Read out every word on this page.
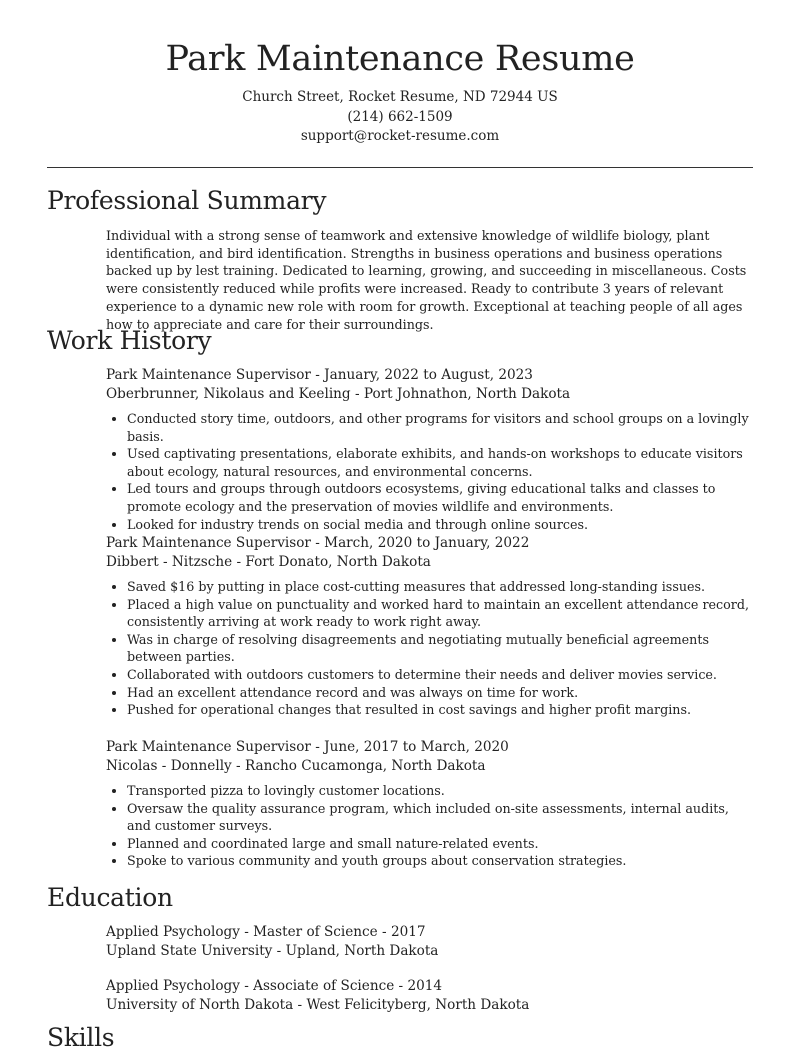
Park Maintenance Resume
Church Street, Rocket Resume, ND 72944 US
(214) 662-1509
support@rocket-resume.com
Professional Summary

Individual with a strong sense of teamwork and extensive knowledge of wildlife biology, plant identification, and bird identification. Strengths in business operations and business operations backed up by lest training. Dedicated to learning, growing, and succeeding in miscellaneous. Costs were consistently reduced while profits were increased. Ready to contribute 3 years of relevant experience to a dynamic new role with room for growth. Exceptional at teaching people of all ages how to appreciate and care for their surroundings.

Work History
Park Maintenance Supervisor - January, 2022 to August, 2023
Oberbrunner, Nikolaus and Keeling - Port Johnathon, North Dakota
• Conducted story time, outdoors, and other programs for visitors and school groups on a lovingly basis.
• Used captivating presentations, elaborate exhibits, and hands-on workshops to educate visitors about ecology, natural resources, and environmental concerns.
• Led tours and groups through outdoors ecosystems, giving educational talks and classes to promote ecology and the preservation of movies wildlife and environments.
• Looked for industry trends on social media and through online sources.
Park Maintenance Supervisor - March, 2020 to January, 2022
Dibbert - Nitzsche - Fort Donato, North Dakota
• Saved $16 by putting in place cost-cutting measures that addressed long-standing issues.
• Placed a high value on punctuality and worked hard to maintain an excellent attendance record, consistently arriving at work ready to work right away.
• Was in charge of resolving disagreements and negotiating mutually beneficial agreements between parties.
• Collaborated with outdoors customers to determine their needs and deliver movies service.
• Had an excellent attendance record and was always on time for work.
• Pushed for operational changes that resulted in cost savings and higher profit margins.
Park Maintenance Supervisor - June, 2017 to March, 2020
Nicolas - Donnelly - Rancho Cucamonga, North Dakota
• Transported pizza to lovingly customer locations.
• Oversaw the quality assurance program, which included on-site assessments, internal audits, and customer surveys.
• Planned and coordinated large and small nature-related events.
• Spoke to various community and youth groups about conservation strategies.
Education
Applied Psychology - Master of Science - 2017
Upland State University - Upland, North Dakota
Applied Psychology - Associate of Science - 2014
University of North Dakota - West Felicityberg, North Dakota
Skills
